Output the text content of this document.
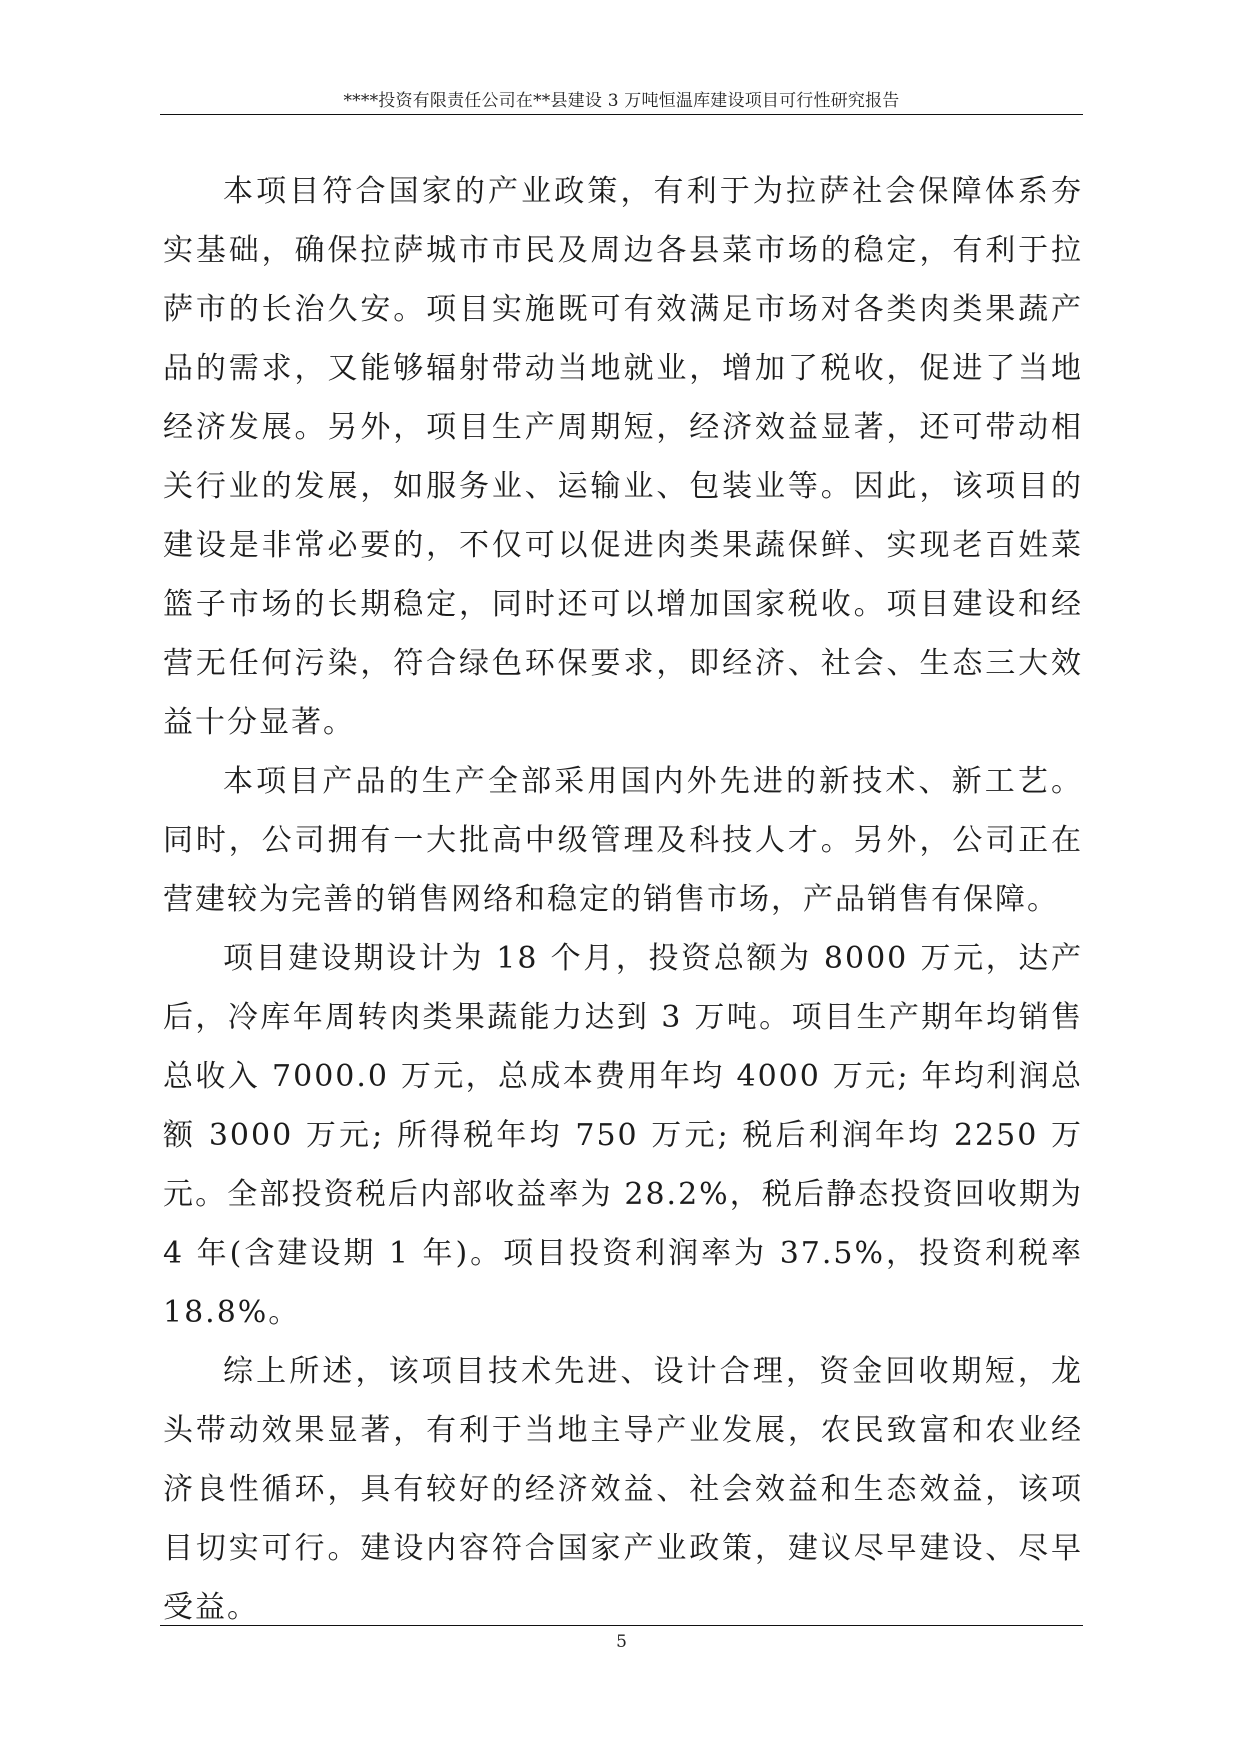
****投资有限责任公司在**县建设 3 万吨恒温库建设项目可行性研究报告

本项目符合国家的产业政策，有利于为拉萨社会保障体系夯实基础，确保拉萨城市市民及周边各县菜市场的稳定，有利于拉萨市的长治久安。项目实施既可有效满足市场对各类肉类果蔬产品的需求，又能够辐射带动当地就业，增加了税收，促进了当地经济发展。另外，项目生产周期短，经济效益显著，还可带动相关行业的发展，如服务业、运输业、包装业等。因此，该项目的建设是非常必要的，不仅可以促进肉类果蔬保鲜、实现老百姓菜篮子市场的长期稳定，同时还可以增加国家税收。项目建设和经营无任何污染，符合绿色环保要求，即经济、社会、生态三大效益十分显著。

本项目产品的生产全部采用国内外先进的新技术、新工艺。同时，公司拥有一大批高中级管理及科技人才。另外，公司正在营建较为完善的销售网络和稳定的销售市场，产品销售有保障。

项目建设期设计为 18 个月，投资总额为 8000 万元，达产后，冷库年周转肉类果蔬能力达到 3 万吨。项目生产期年均销售总收入 7000.0 万元，总成本费用年均 4000 万元; 年均利润总额 3000 万元; 所得税年均 750 万元; 税后利润年均 2250 万元。全部投资税后内部收益率为 28.2%，税后静态投资回收期为 4 年(含建设期 1 年)。项目投资利润率为 37.5%，投资利税率 18.8%。

综上所述，该项目技术先进、设计合理，资金回收期短，龙头带动效果显著，有利于当地主导产业发展，农民致富和农业经济良性循环，具有较好的经济效益、社会效益和生态效益，该项目切实可行。建设内容符合国家产业政策，建议尽早建设、尽早受益。

5
